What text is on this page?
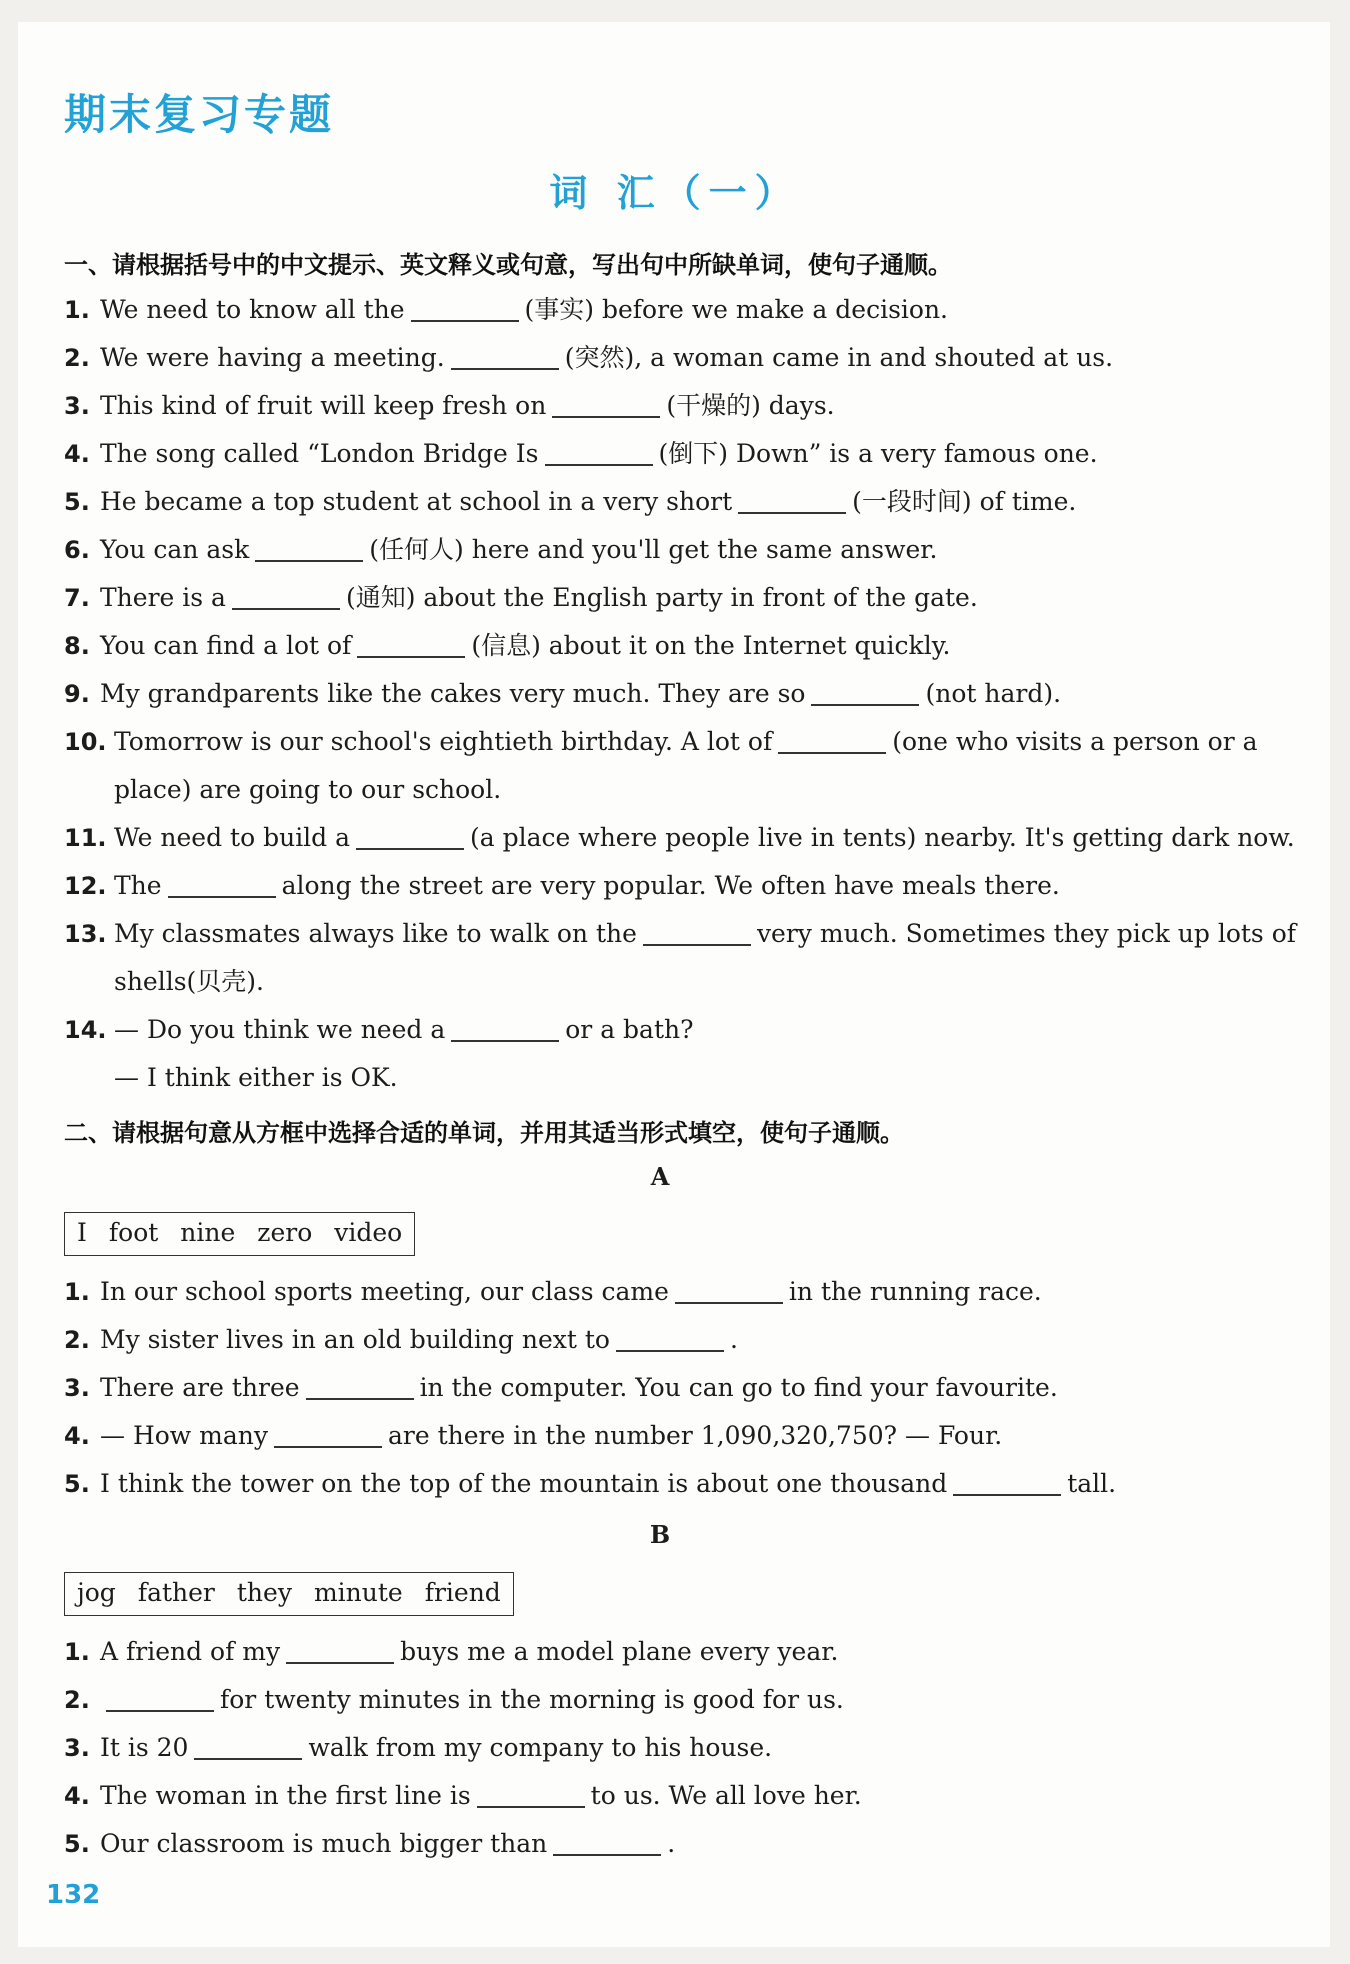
期末复习专题
词 汇（一）
一、请根据括号中的中文提示、英文释义或句意，写出句中所缺单词，使句子通顺。
1. We need to know all the	(事实) before we make a decision.
2. We were having a meeting.	(突然), a woman came in and shouted at us.
3. This kind of fruit will keep fresh on	(干燥的) days.
4. The song called “London Bridge Is	(倒下) Down” is a very famous one.
5. He became a top student at school in a very short	(一段时间) of time.
6. You can ask	(任何人) here and you'll get the same answer.
7. There is a	(通知) about the English party in front of the gate.
8. You can find a lot of	(信息) about it on the Internet quickly.
9. My grandparents like the cakes very much. They are so	(not hard).
10. Tomorrow is our school's eightieth birthday. A lot of	(one who visits a person or a
place) are going to our school.
11. We need to build a	(a place where people live in tents) nearby. It's getting dark now.
12. The	along the street are very popular. We often have meals there.
13. My classmates always like to walk on the	very much. Sometimes they pick up lots of
shells(贝壳).
14. — Do you think we need a	or a bath?
— I think either is OK.
二、请根据句意从方框中选择合适的单词，并用其适当形式填空，使句子通顺。
A
I foot nine zero video
1. In our school sports meeting, our class came	in the running race.
2. My sister lives in an old building next to	.
3. There are three	in the computer. You can go to find your favourite.
4. — How many	are there in the number 1,090,320,750? — Four.
5. I think the tower on the top of the mountain is about one thousand	tall.
B
jog father they minute friend
1. A friend of my	buys me a model plane every year.
2.	for twenty minutes in the morning is good for us.
3. It is 20	walk from my company to his house.
4. The woman in the first line is	to us. We all love her.
5. Our classroom is much bigger than	.
132
